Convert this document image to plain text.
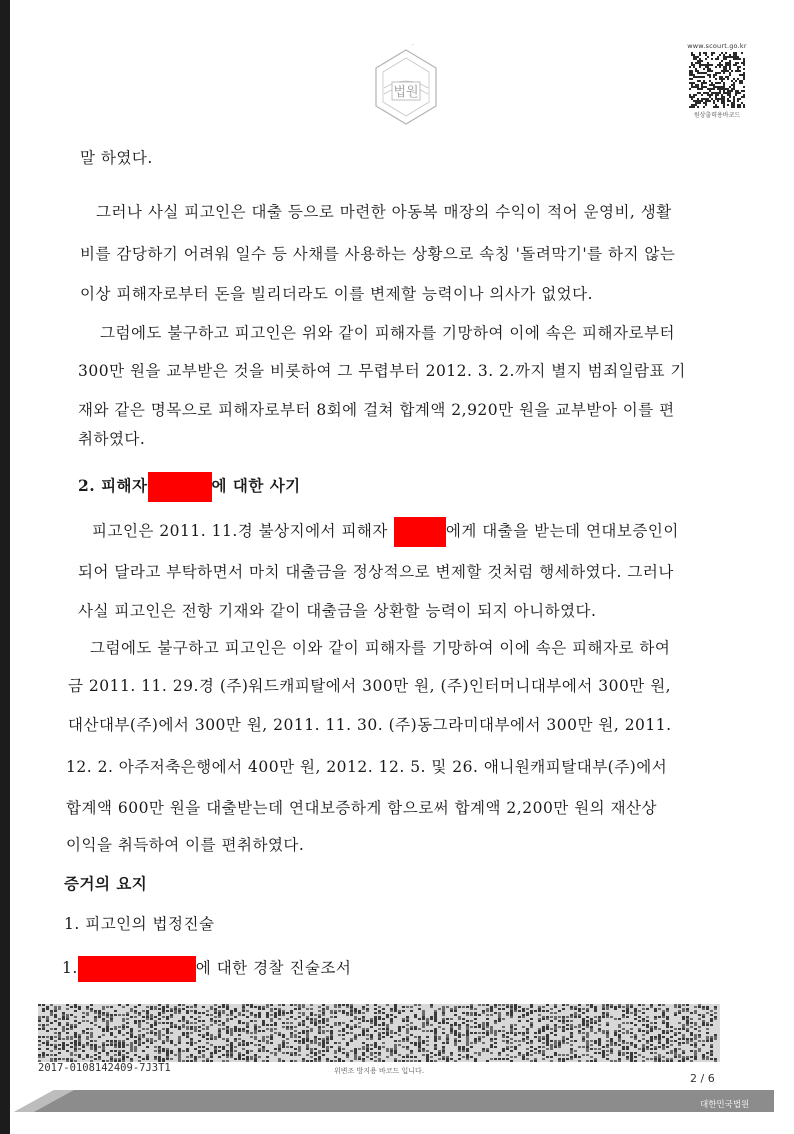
법원
'	www.scourt.go.kr
원상출력용바코드
말 하였다.
그러나 사실 피고인은 대출 등으로 마련한 아동복 매장의 수익이 적어 운영비, 생활
비를 감당하기 어려워 일수 등 사채를 사용하는 상황으로 속칭 '돌려막기'를 하지 않는
이상 피해자로부터 돈을 빌리더라도 이를 변제할 능력이나 의사가 없었다.
그럼에도 불구하고 피고인은 위와 같이 피해자를 기망하여 이에 속은 피해자로부터
300만 원을 교부받은 것을 비롯하여 그 무렵부터 2012. 3. 2.까지 별지 범죄일람표 기
재와 같은 명목으로 피해자로부터 8회에 걸쳐 합계액 2,920만 원을 교부받아 이를 편
취하였다.
2. 피해자	에 대한 사기
피고인은 2011. 11.경 불상지에서 피해자	에게 대출을 받는데 연대보증인이
되어 달라고 부탁하면서 마치 대출금을 정상적으로 변제할 것처럼 행세하였다. 그러나
사실 피고인은 전항 기재와 같이 대출금을 상환할 능력이 되지 아니하였다.
그럼에도 불구하고 피고인은 이와 같이 피해자를 기망하여 이에 속은 피해자로 하여
금 2011. 11. 29.경 (주)워드캐피탈에서 300만 원, (주)인터머니대부에서 300만 원,
대산대부(주)에서 300만 원, 2011. 11. 30. (주)동그라미대부에서 300만 원, 2011.
12. 2. 아주저축은행에서 400만 원, 2012. 12. 5. 및 26. 애니원캐피탈대부(주)에서
합계액 600만 원을 대출받는데 연대보증하게 함으로써 합계액 2,200만 원의 재산상
이익을 취득하여 이를 편취하였다.
증거의 요지
1. 피고인의 법정진술
1.	에 대한 경찰 진술조서
2017-0108142409-7J3T1	위변조 방지용 바코드 입니다.
2 / 6
대한민국법원
